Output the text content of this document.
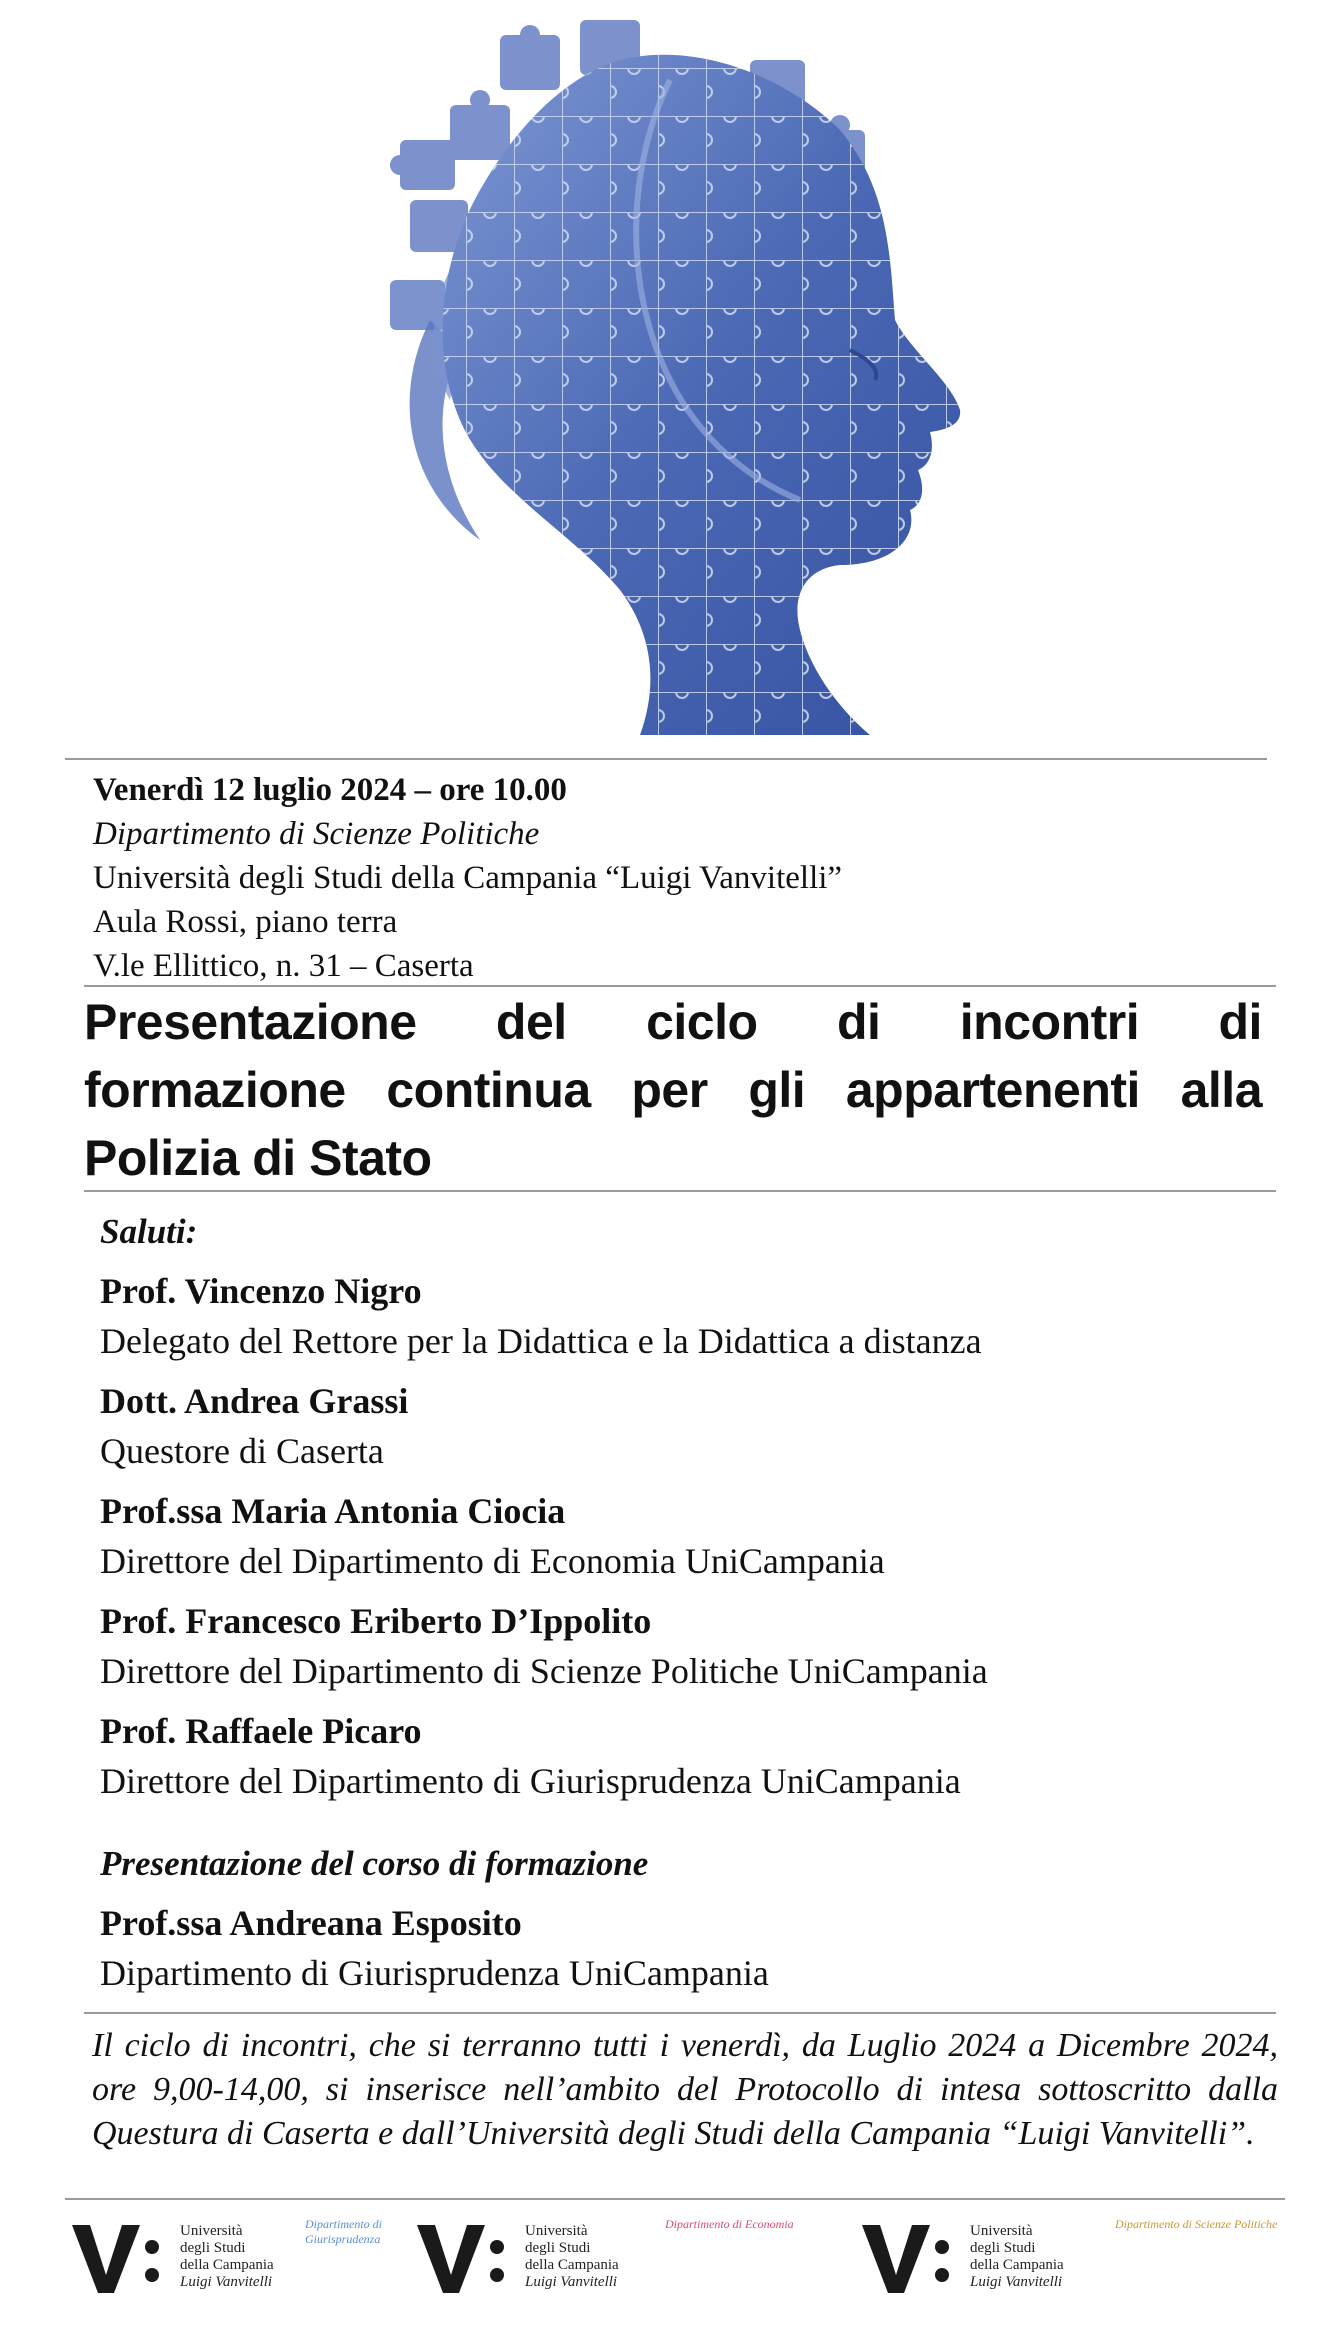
Venerdì 12 luglio 2024 – ore 10.00
Dipartimento di Scienze Politiche
Università degli Studi della Campania “Luigi Vanvitelli”
Aula Rossi, piano terra
V.le Ellittico, n. 31 – Caserta
Presentazione del ciclo di incontri di
formazione continua per gli appartenenti alla
Polizia di Stato
Saluti:
Prof. Vincenzo Nigro
Delegato del Rettore per la Didattica e la Didattica a distanza
Dott. Andrea Grassi
Questore di Caserta
Prof.ssa Maria Antonia Ciocia
Direttore del Dipartimento di Economia UniCampania
Prof. Francesco Eriberto D’Ippolito
Direttore del Dipartimento di Scienze Politiche UniCampania
Prof. Raffaele Picaro
Direttore del Dipartimento di Giurisprudenza UniCampania
Presentazione del corso di formazione
Prof.ssa Andreana Esposito
Dipartimento di Giurisprudenza UniCampania
Il ciclo di incontri, che si terranno tutti i venerdì, da Luglio 2024 a Dicembre 2024, ore 9,00-14,00, si inserisce nell’ambito del Protocollo di intesa sottoscritto dalla Questura di Caserta e dall’Università degli Studi della Campania “Luigi Vanvitelli”.
Università
degli Studi
della Campania
Luigi Vanvitelli
Dipartimento di
Giurisprudenza	Università
degli Studi
della Campania
Luigi Vanvitelli
Dipartimento di Economia	Università
degli Studi
della Campania
Luigi Vanvitelli
Dipartimento di Scienze Politiche
